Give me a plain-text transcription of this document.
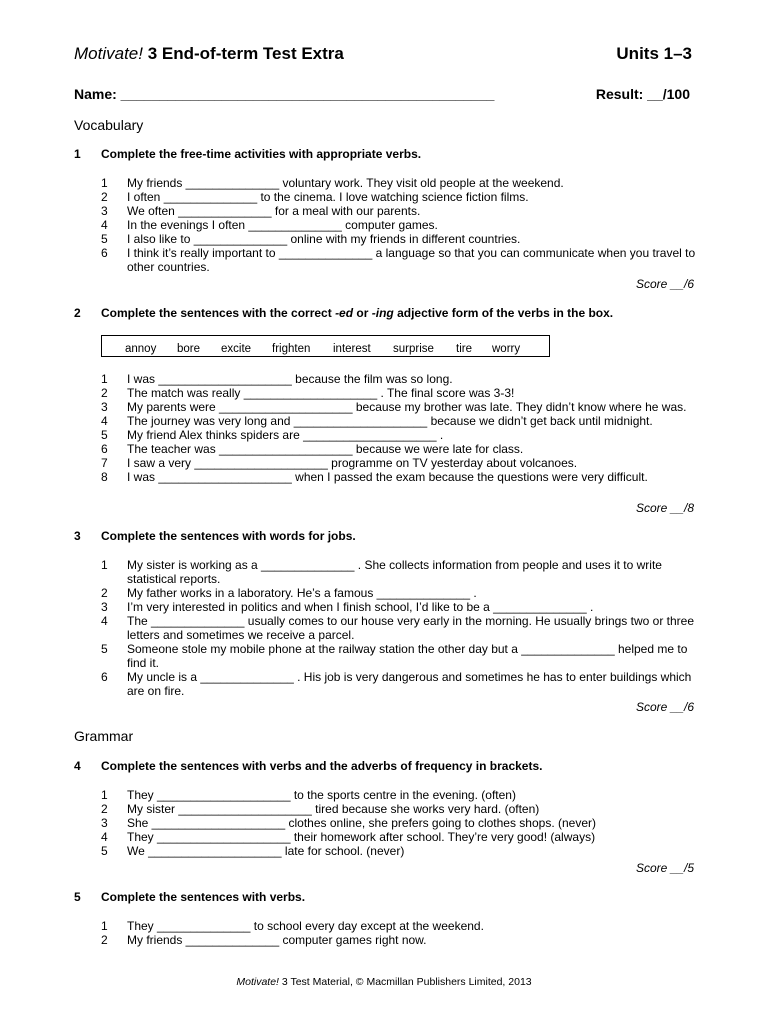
Motivate! 3 End-of-term Test Extra	Units 1–3
Name: ________________________________________________	Result: __/100
Vocabulary
1 Complete the free-time activities with appropriate verbs.
1 My friends ______________ voluntary work. They visit old people at the weekend.
2 I often ______________ to the cinema. I love watching science fiction films.
3 We often ______________ for a meal with our parents.
4 In the evenings I often ______________ computer games.
5 I also like to ______________ online with my friends in different countries.
6 I think it’s really important to ______________ a language so that you can communicate when you travel to other countries.
Score __/6
2 Complete the sentences with the correct -ed or -ing adjective form of the verbs in the box.
annoy bore excite frighten interest surprise tire worry
1 I was ____________________ because the film was so long.
2 The match was really ____________________ . The final score was 3-3!
3 My parents were ____________________ because my brother was late. They didn’t know where he was.
4 The journey was very long and ____________________ because we didn’t get back until midnight.
5 My friend Alex thinks spiders are ____________________ .
6 The teacher was ____________________ because we were late for class.
7 I saw a very ____________________ programme on TV yesterday about volcanoes.
8 I was ____________________ when I passed the exam because the questions were very difficult.
Score __/8
3 Complete the sentences with words for jobs.
1 My sister is working as a ______________ . She collects information from people and uses it to write statistical reports.
2 My father works in a laboratory. He’s a famous ______________ .
3 I’m very interested in politics and when I finish school, I’d like to be a ______________ .
4 The ______________ usually comes to our house very early in the morning. He usually brings two or three letters and sometimes we receive a parcel.
5 Someone stole my mobile phone at the railway station the other day but a ______________ helped me to find it.
6 My uncle is a ______________ . His job is very dangerous and sometimes he has to enter buildings which are on fire.
Score __/6
Grammar
4 Complete the sentences with verbs and the adverbs of frequency in brackets.
1 They ____________________ to the sports centre in the evening. (often)
2 My sister ____________________ tired because she works very hard. (often)
3 She ____________________ clothes online, she prefers going to clothes shops. (never)
4 They ____________________ their homework after school. They’re very good! (always)
5 We ____________________ late for school. (never)
Score __/5
5 Complete the sentences with verbs.
1 They ______________ to school every day except at the weekend.
2 My friends ______________ computer games right now.
Motivate! 3 Test Material, © Macmillan Publishers Limited, 2013
